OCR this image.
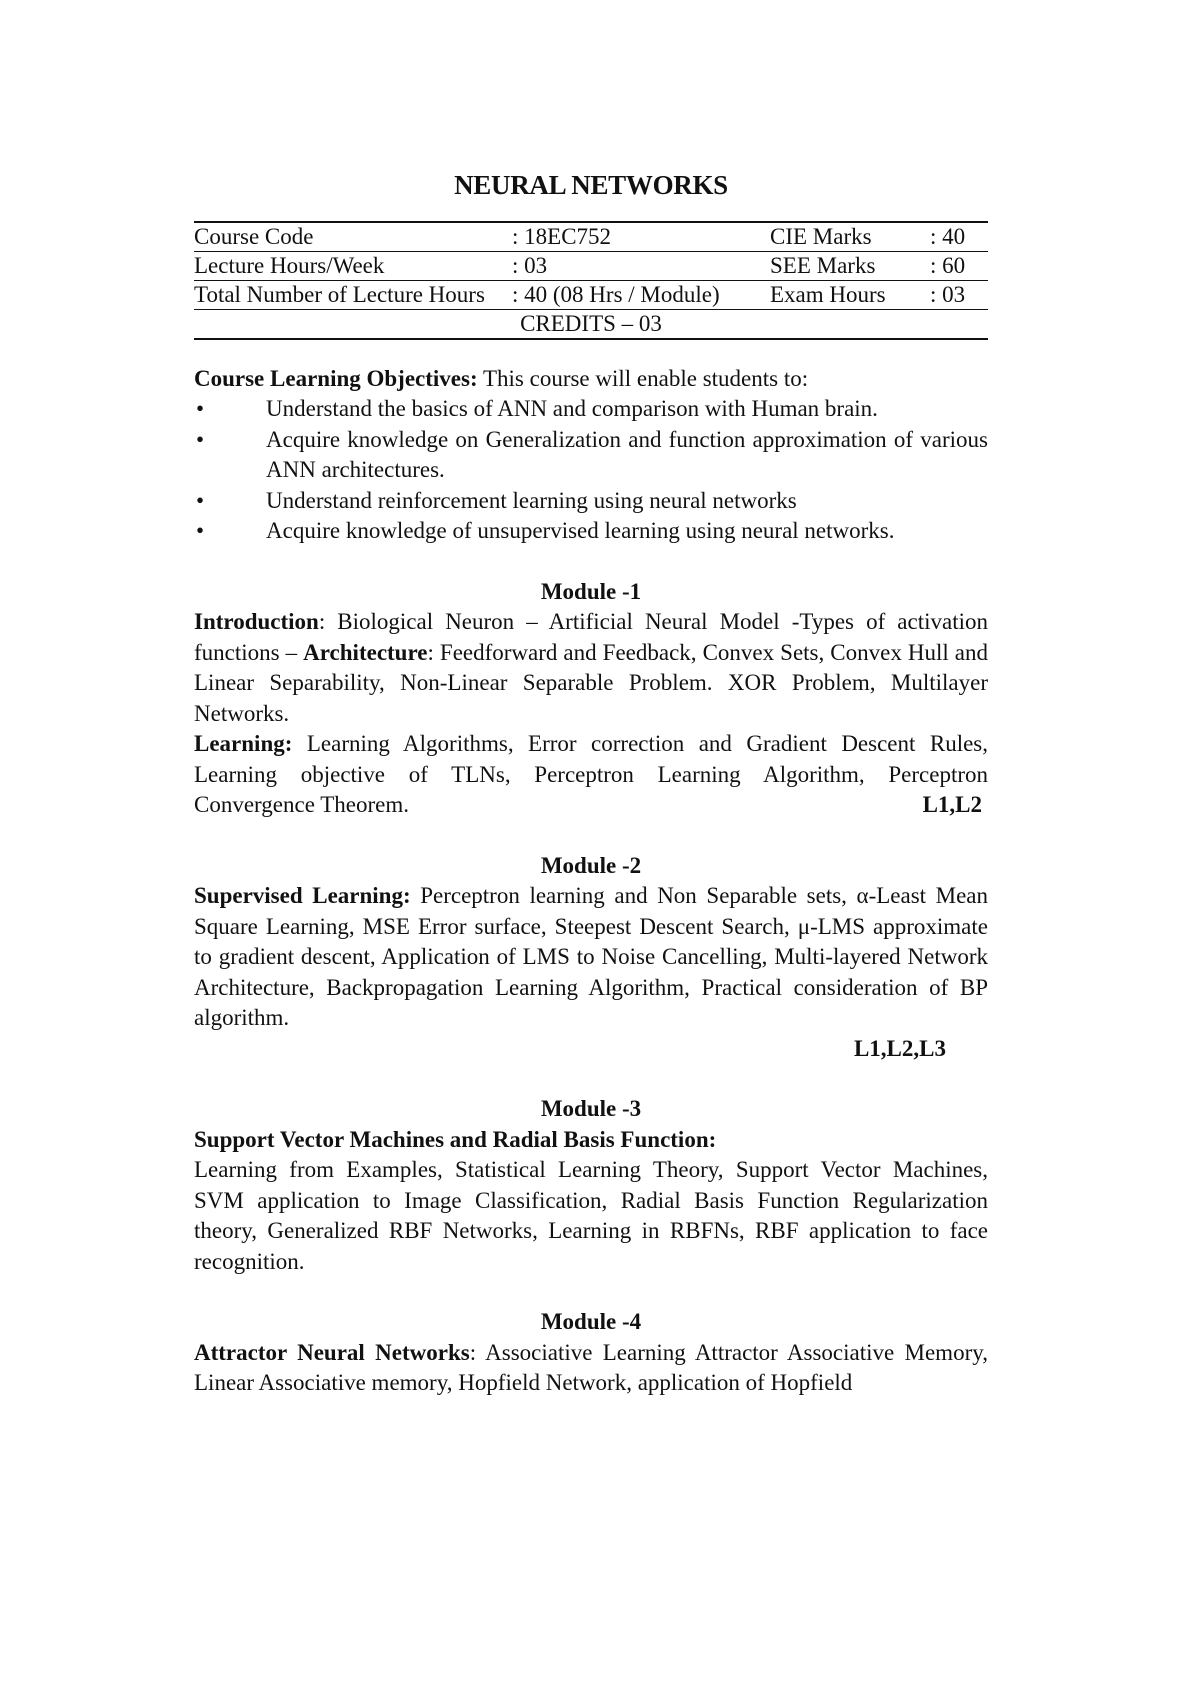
NEURAL NETWORKS
Course Code	: 18EC752	CIE Marks	: 40
Lecture Hours/Week	: 03	SEE Marks	: 60
Total Number of Lecture Hours	: 40 (08 Hrs / Module)	Exam Hours	: 03
CREDITS – 03			
Course Learning Objectives: This course will enable students to:
•	Understand the basics of ANN and comparison with Human brain.
•	Acquire knowledge on Generalization and function approximation of various ANN architectures.
•	Understand reinforcement learning using neural networks
•	Acquire knowledge of unsupervised learning using neural networks.
Module -1

Introduction: Biological Neuron – Artificial Neural Model -Types of activation functions – Architecture: Feedforward and Feedback, Convex Sets, Convex Hull and Linear Separability, Non-Linear Separable Problem. XOR Problem, Multilayer Networks.

Learning: Learning Algorithms, Error correction and Gradient Descent Rules, Learning objective of TLNs, Perceptron Learning Algorithm, Perceptron Convergence Theorem.	L1,L2

Module -2

Supervised Learning: Perceptron learning and Non Separable sets, α-Least Mean Square Learning, MSE Error surface, Steepest Descent Search, μ-LMS approximate to gradient descent, Application of LMS to Noise Cancelling, Multi-layered Network Architecture, Backpropagation Learning Algorithm, Practical consideration of BP algorithm.

L1,L2,L3
Module -3
Support Vector Machines and Radial Basis Function:

Learning from Examples, Statistical Learning Theory, Support Vector Machines, SVM application to Image Classification, Radial Basis Function Regularization theory, Generalized RBF Networks, Learning in RBFNs, RBF application to face recognition.

Module -4

Attractor Neural Networks: Associative Learning Attractor Associative Memory, Linear Associative memory, Hopfield Network, application of Hopfield
